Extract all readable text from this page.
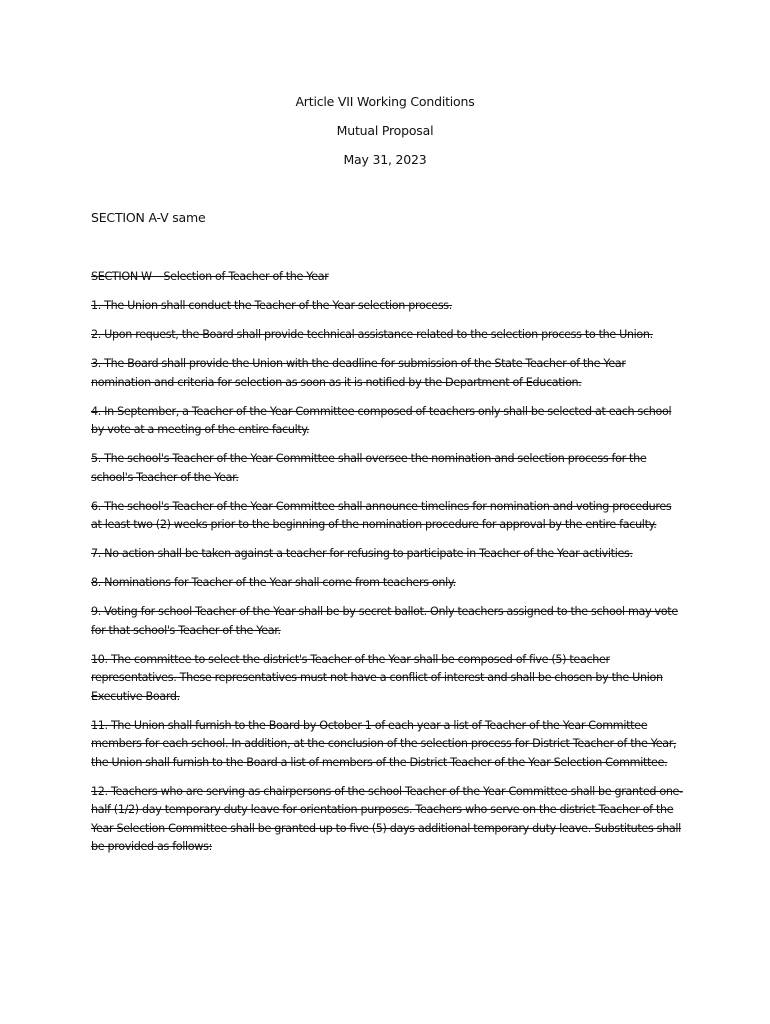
Article VII Working Conditions
Mutual Proposal
May 31, 2023
SECTION A-V same

SECTION W – Selection of Teacher of the Year

1. The Union shall conduct the Teacher of the Year selection process.

2. Upon request, the Board shall provide technical assistance related to the selection process to the Union.

3. The Board shall provide the Union with the deadline for submission of the State Teacher of the Year nomination and criteria for selection as soon as it is notified by the Department of Education.

4. In September, a Teacher of the Year Committee composed of teachers only shall be selected at each school by vote at a meeting of the entire faculty.

5. The school's Teacher of the Year Committee shall oversee the nomination and selection process for the school's Teacher of the Year.

6. The school's Teacher of the Year Committee shall announce timelines for nomination and voting procedures at least two (2) weeks prior to the beginning of the nomination procedure for approval by the entire faculty.

7. No action shall be taken against a teacher for refusing to participate in Teacher of the Year activities.

8. Nominations for Teacher of the Year shall come from teachers only.

9. Voting for school Teacher of the Year shall be by secret ballot. Only teachers assigned to the school may vote for that school's Teacher of the Year.

10. The committee to select the district's Teacher of the Year shall be composed of five (5) teacher representatives. These representatives must not have a conflict of interest and shall be chosen by the Union Executive Board.

11. The Union shall furnish to the Board by October 1 of each year a list of Teacher of the Year Committee members for each school. In addition, at the conclusion of the selection process for District Teacher of the Year, the Union shall furnish to the Board a list of members of the District Teacher of the Year Selection Committee.

12. Teachers who are serving as chairpersons of the school Teacher of the Year Committee shall be granted one-half (1/2) day temporary duty leave for orientation purposes. Teachers who serve on the district Teacher of the Year Selection Committee shall be granted up to five (5) days additional temporary duty leave. Substitutes shall be provided as follows:
